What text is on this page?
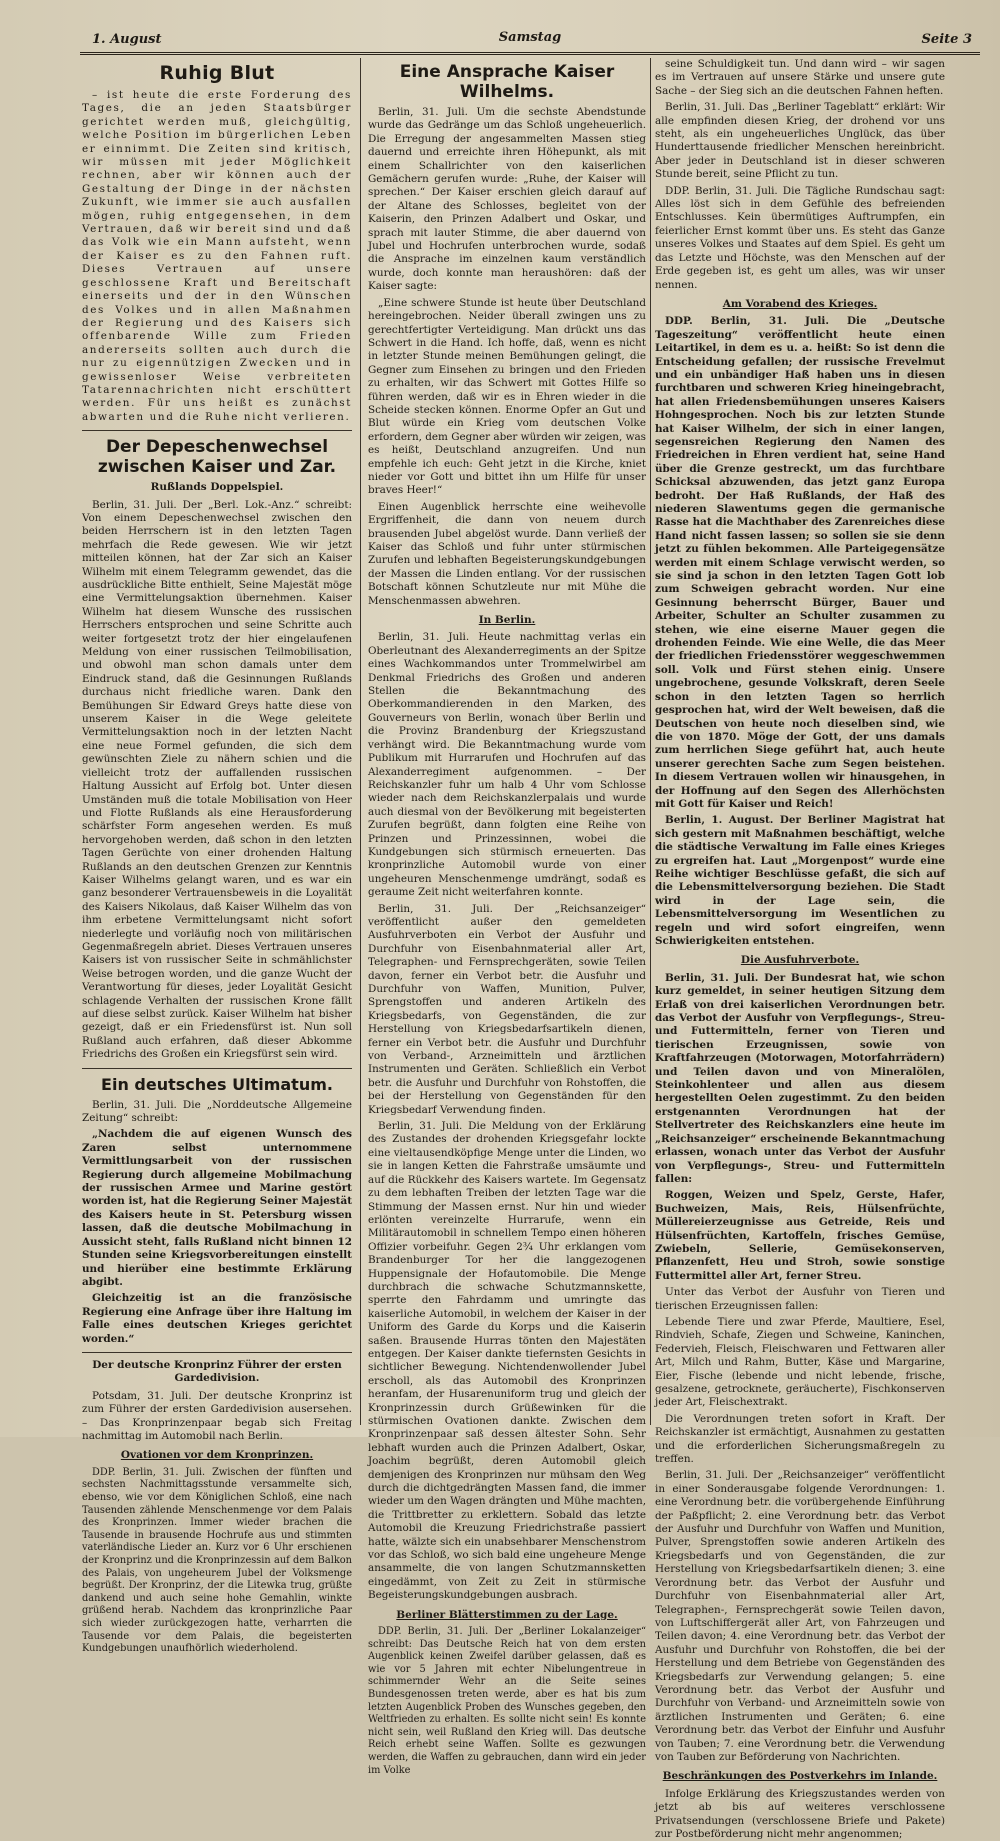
1. August	Samstag	Seite 3
Ruhig Blut

– ist heute die erste Forderung des Tages, die an jeden Staatsbürger gerichtet werden muß, gleichgültig, welche Position im bürgerlichen Leben er einnimmt. Die Zeiten sind kritisch, wir müssen mit jeder Möglichkeit rechnen, aber wir können auch der Gestaltung der Dinge in der nächsten Zukunft, wie immer sie auch ausfallen mögen, ruhig entgegensehen, in dem Vertrauen, daß wir bereit sind und daß das Volk wie ein Mann aufsteht, wenn der Kaiser es zu den Fahnen ruft. Dieses Vertrauen auf unsere geschlossene Kraft und Bereitschaft einerseits und der in den Wünschen des Volkes und in allen Maßnahmen der Regierung und des Kaisers sich offenbarende Wille zum Frieden andererseits sollten auch durch die nur zu eigennützigen Zwecken und in gewissenloser Weise verbreiteten Tatarennachrichten nicht erschüttert werden. Für uns heißt es zunächst abwarten und die Ruhe nicht verlieren.

Der Depeschenwechsel zwischen Kaiser und Zar.
Rußlands Doppelspiel.

Berlin, 31. Juli. Der „Berl. Lok.-Anz.“ schreibt: Von einem Depeschenwechsel zwischen den beiden Herrschern ist in den letzten Tagen mehrfach die Rede gewesen. Wie wir jetzt mitteilen können, hat der Zar sich an Kaiser Wilhelm mit einem Telegramm gewendet, das die ausdrückliche Bitte enthielt, Seine Majestät möge eine Vermittelungsaktion übernehmen. Kaiser Wilhelm hat diesem Wunsche des russischen Herrschers entsprochen und seine Schritte auch weiter fortgesetzt trotz der hier eingelaufenen Meldung von einer russischen Teilmobilisation, und obwohl man schon damals unter dem Eindruck stand, daß die Gesinnungen Rußlands durchaus nicht friedliche waren. Dank den Bemühungen Sir Edward Greys hatte diese von unserem Kaiser in die Wege geleitete Vermittelungsaktion noch in der letzten Nacht eine neue Formel gefunden, die sich dem gewünschten Ziele zu nähern schien und die vielleicht trotz der auffallenden russischen Haltung Aussicht auf Erfolg bot. Unter diesen Umständen muß die totale Mobilisation von Heer und Flotte Rußlands als eine Herausforderung schärfster Form angesehen werden. Es muß hervorgehoben werden, daß schon in den letzten Tagen Gerüchte von einer drohenden Haltung Rußlands an den deutschen Grenzen zur Kenntnis Kaiser Wilhelms gelangt waren, und es war ein ganz besonderer Vertrauensbeweis in die Loyalität des Kaisers Nikolaus, daß Kaiser Wilhelm das von ihm erbetene Vermittelungsamt nicht sofort niederlegte und vorläufig noch von militärischen Gegenmaßregeln abriet. Dieses Vertrauen unseres Kaisers ist von russischer Seite in schmählichster Weise betrogen worden, und die ganze Wucht der Verantwortung für dieses, jeder Loyalität Gesicht schlagende Verhalten der russischen Krone fällt auf diese selbst zurück. Kaiser Wilhelm hat bisher gezeigt, daß er ein Friedensfürst ist. Nun soll Rußland auch erfahren, daß dieser Abkomme Friedrichs des Großen ein Kriegsfürst sein wird.

Ein deutsches Ultimatum.

Berlin, 31. Juli. Die „Norddeutsche Allgemeine Zeitung“ schreibt:

„Nachdem die auf eigenen Wunsch des Zaren selbst unternommene Vermittlungsarbeit von der russischen Regierung durch allgemeine Mobilmachung der russischen Armee und Marine gestört worden ist, hat die Regierung Seiner Majestät des Kaisers heute in St. Petersburg wissen lassen, daß die deutsche Mobilmachung in Aussicht steht, falls Rußland nicht binnen 12 Stunden seine Kriegsvorbereitungen einstellt und hierüber eine bestimmte Erklärung abgibt.

Gleichzeitig ist an die französische Regierung eine Anfrage über ihre Haltung im Falle eines deutschen Krieges gerichtet worden.“

Der deutsche Kronprinz Führer der ersten Gardedivision.

Potsdam, 31. Juli. Der deutsche Kronprinz ist zum Führer der ersten Gardedivision ausersehen. – Das Kronprinzenpaar begab sich Freitag nachmittag im Automobil nach Berlin.

Ovationen vor dem Kronprinzen.

DDP. Berlin, 31. Juli. Zwischen der fünften und sechsten Nachmittagsstunde versammelte sich, ebenso, wie vor dem Königlichen Schloß, eine nach Tausenden zählende Menschenmenge vor dem Palais des Kronprinzen. Immer wieder brachen die Tausende in brausende Hochrufe aus und stimmten vaterländische Lieder an. Kurz vor 6 Uhr erschienen der Kronprinz und die Kronprinzessin auf dem Balkon des Palais, von ungeheurem Jubel der Volksmenge begrüßt. Der Kronprinz, der die Litewka trug, grüßte dankend und auch seine hohe Gemahlin, winkte grüßend herab. Nachdem das kronprinzliche Paar sich wieder zurückgezogen hatte, verharrten die Tausende vor dem Palais, die begeisterten Kundgebungen unaufhörlich wiederholend.

Eine Ansprache Kaiser Wilhelms.

Berlin, 31. Juli. Um die sechste Abendstunde wurde das Gedränge um das Schloß ungeheuerlich. Die Erregung der angesammelten Massen stieg dauernd und erreichte ihren Höhepunkt, als mit einem Schallrichter von den kaiserlichen Gemächern gerufen wurde: „Ruhe, der Kaiser will sprechen.“ Der Kaiser erschien gleich darauf auf der Altane des Schlosses, begleitet von der Kaiserin, den Prinzen Adalbert und Oskar, und sprach mit lauter Stimme, die aber dauernd von Jubel und Hochrufen unterbrochen wurde, sodaß die Ansprache im einzelnen kaum verständlich wurde, doch konnte man heraushören: daß der Kaiser sagte:

„Eine schwere Stunde ist heute über Deutschland hereingebrochen. Neider überall zwingen uns zu gerechtfertigter Verteidigung. Man drückt uns das Schwert in die Hand. Ich hoffe, daß, wenn es nicht in letzter Stunde meinen Bemühungen gelingt, die Gegner zum Einsehen zu bringen und den Frieden zu erhalten, wir das Schwert mit Gottes Hilfe so führen werden, daß wir es in Ehren wieder in die Scheide stecken können. Enorme Opfer an Gut und Blut würde ein Krieg vom deutschen Volke erfordern, dem Gegner aber würden wir zeigen, was es heißt, Deutschland anzugreifen. Und nun empfehle ich euch: Geht jetzt in die Kirche, kniet nieder vor Gott und bittet ihn um Hilfe für unser braves Heer!“

Einen Augenblick herrschte eine weihevolle Ergriffenheit, die dann von neuem durch brausenden Jubel abgelöst wurde. Dann verließ der Kaiser das Schloß und fuhr unter stürmischen Zurufen und lebhaften Begeisterungskundgebungen der Massen die Linden entlang. Vor der russischen Botschaft können Schutzleute nur mit Mühe die Menschenmassen abwehren.

In Berlin.

Berlin, 31. Juli. Heute nachmittag verlas ein Oberleutnant des Alexanderregiments an der Spitze eines Wachkommandos unter Trommelwirbel am Denkmal Friedrichs des Großen und anderen Stellen die Bekanntmachung des Oberkommandierenden in den Marken, des Gouverneurs von Berlin, wonach über Berlin und die Provinz Brandenburg der Kriegszustand verhängt wird. Die Bekanntmachung wurde vom Publikum mit Hurrarufen und Hochrufen auf das Alexanderregiment aufgenommen. – Der Reichskanzler fuhr um halb 4 Uhr vom Schlosse wieder nach dem Reichskanzlerpalais und wurde auch diesmal von der Bevölkerung mit begeisterten Zurufen begrüßt, dann folgten eine Reihe von Prinzen und Prinzessinnen, wobei die Kundgebungen sich stürmisch erneuerten. Das kronprinzliche Automobil wurde von einer ungeheuren Menschenmenge umdrängt, sodaß es geraume Zeit nicht weiterfahren konnte.

Berlin, 31. Juli. Der „Reichsanzeiger“ veröffentlicht außer den gemeldeten Ausfuhrverboten ein Verbot der Ausfuhr und Durchfuhr von Eisenbahnmaterial aller Art, Telegraphen- und Fernsprechgeräten, sowie Teilen davon, ferner ein Verbot betr. die Ausfuhr und Durchfuhr von Waffen, Munition, Pulver, Sprengstoffen und anderen Artikeln des Kriegsbedarfs, von Gegenständen, die zur Herstellung von Kriegsbedarfsartikeln dienen, ferner ein Verbot betr. die Ausfuhr und Durchfuhr von Verband-, Arzneimitteln und ärztlichen Instrumenten und Geräten. Schließlich ein Verbot betr. die Ausfuhr und Durchfuhr von Rohstoffen, die bei der Herstellung von Gegenständen für den Kriegsbedarf Verwendung finden.

Berlin, 31. Juli. Die Meldung von der Erklärung des Zustandes der drohenden Kriegsgefahr lockte eine vieltausendköpfige Menge unter die Linden, wo sie in langen Ketten die Fahrstraße umsäumte und auf die Rückkehr des Kaisers wartete. Im Gegensatz zu dem lebhaften Treiben der letzten Tage war die Stimmung der Massen ernst. Nur hin und wieder erlönten vereinzelte Hurrarufe, wenn ein Militärautomobil in schnellem Tempo einen höheren Offizier vorbeifuhr. Gegen 2¾ Uhr erklangen vom Brandenburger Tor her die langgezogenen Huppensignale der Hofautomobile. Die Menge durchbrach die schwache Schutzmannskette, sperrte den Fahrdamm und umringte das kaiserliche Automobil, in welchem der Kaiser in der Uniform des Garde du Korps und die Kaiserin saßen. Brausende Hurras tönten den Majestäten entgegen. Der Kaiser dankte tiefernsten Gesichts in sichtlicher Bewegung. Nichtendenwollender Jubel erscholl, als das Automobil des Kronprinzen heranfam, der Husarenuniform trug und gleich der Kronprinzessin durch Grüßewinken für die stürmischen Ovationen dankte. Zwischen dem Kronprinzenpaar saß dessen ältester Sohn. Sehr lebhaft wurden auch die Prinzen Adalbert, Oskar, Joachim begrüßt, deren Automobil gleich demjenigen des Kronprinzen nur mühsam den Weg durch die dichtgedrängten Massen fand, die immer wieder um den Wagen drängten und Mühe machten, die Trittbretter zu erklettern. Sobald das letzte Automobil die Kreuzung Friedrichstraße passiert hatte, wälzte sich ein unabsehbarer Menschenstrom vor das Schloß, wo sich bald eine ungeheure Menge ansammelte, die von langen Schutzmannsketten eingedämmt, von Zeit zu Zeit in stürmische Begeisterungskundgebungen ausbrach.

Berliner Blätterstimmen zu der Lage.

DDP. Berlin, 31. Juli. Der „Berliner Lokalanzeiger“ schreibt: Das Deutsche Reich hat von dem ersten Augenblick keinen Zweifel darüber gelassen, daß es wie vor 5 Jahren mit echter Nibelungentreue in schimmernder Wehr an die Seite seines Bundesgenossen treten werde, aber es hat bis zum letzten Augenblick Proben des Wunsches gegeben, den Weltfrieden zu erhalten. Es sollte nicht sein! Es konnte nicht sein, weil Rußland den Krieg will. Das deutsche Reich erhebt seine Waffen. Sollte es gezwungen werden, die Waffen zu gebrauchen, dann wird ein jeder im Volke

seine Schuldigkeit tun. Und dann wird – wir sagen es im Vertrauen auf unsere Stärke und unsere gute Sache – der Sieg sich an die deutschen Fahnen heften.

Berlin, 31. Juli. Das „Berliner Tageblatt“ erklärt: Wir alle empfinden diesen Krieg, der drohend vor uns steht, als ein ungeheuerliches Unglück, das über Hunderttausende friedlicher Menschen hereinbricht. Aber jeder in Deutschland ist in dieser schweren Stunde bereit, seine Pflicht zu tun.

DDP. Berlin, 31. Juli. Die Tägliche Rundschau sagt: Alles löst sich in dem Gefühle des befreienden Entschlusses. Kein übermütiges Auftrumpfen, ein feierlicher Ernst kommt über uns. Es steht das Ganze unseres Volkes und Staates auf dem Spiel. Es geht um das Letzte und Höchste, was den Menschen auf der Erde gegeben ist, es geht um alles, was wir unser nennen.

Am Vorabend des Krieges.

DDP. Berlin, 31. Juli. Die „Deutsche Tageszeitung“ veröffentlicht heute einen Leitartikel, in dem es u. a. heißt: So ist denn die Entscheidung gefallen; der russische Frevelmut und ein unbändiger Haß haben uns in diesen furchtbaren und schweren Krieg hineingebracht, hat allen Friedensbemühungen unseres Kaisers Hohngesprochen. Noch bis zur letzten Stunde hat Kaiser Wilhelm, der sich in einer langen, segensreichen Regierung den Namen des Friedreichen in Ehren verdient hat, seine Hand über die Grenze gestreckt, um das furchtbare Schicksal abzuwenden, das jetzt ganz Europa bedroht. Der Haß Rußlands, der Haß des niederen Slawentums gegen die germanische Rasse hat die Machthaber des Zarenreiches diese Hand nicht fassen lassen; so sollen sie sie denn jetzt zu fühlen bekommen. Alle Parteigegensätze werden mit einem Schlage verwischt werden, so sie sind ja schon in den letzten Tagen Gott lob zum Schweigen gebracht worden. Nur eine Gesinnung beherrscht Bürger, Bauer und Arbeiter, Schulter an Schulter zusammen zu stehen, wie eine eiserne Mauer gegen die drohenden Feinde. Wie eine Welle, die das Meer der friedlichen Friedensstörer weggeschwemmen soll. Volk und Fürst stehen einig. Unsere ungebrochene, gesunde Volkskraft, deren Seele schon in den letzten Tagen so herrlich gesprochen hat, wird der Welt beweisen, daß die Deutschen von heute noch dieselben sind, wie die von 1870. Möge der Gott, der uns damals zum herrlichen Siege geführt hat, auch heute unserer gerechten Sache zum Segen beistehen. In diesem Vertrauen wollen wir hinausgehen, in der Hoffnung auf den Segen des Allerhöchsten mit Gott für Kaiser und Reich!

Berlin, 1. August. Der Berliner Magistrat hat sich gestern mit Maßnahmen beschäftigt, welche die städtische Verwaltung im Falle eines Krieges zu ergreifen hat. Laut „Morgenpost“ wurde eine Reihe wichtiger Beschlüsse gefaßt, die sich auf die Lebensmittelversorgung beziehen. Die Stadt wird in der Lage sein, die Lebensmittelversorgung im Wesentlichen zu regeln und wird sofort eingreifen, wenn Schwierigkeiten entstehen.

Die Ausfuhrverbote.

Berlin, 31. Juli. Der Bundesrat hat, wie schon kurz gemeldet, in seiner heutigen Sitzung dem Erlaß von drei kaiserlichen Verordnungen betr. das Verbot der Ausfuhr von Verpflegungs-, Streu- und Futtermitteln, ferner von Tieren und tierischen Erzeugnissen, sowie von Kraftfahrzeugen (Motorwagen, Motorfahrrädern) und Teilen davon und von Mineralölen, Steinkohlenteer und allen aus diesem hergestellten Oelen zugestimmt. Zu den beiden erstgenannten Verordnungen hat der Stellvertreter des Reichskanzlers eine heute im „Reichsanzeiger“ erscheinende Bekanntmachung erlassen, wonach unter das Verbot der Ausfuhr von Verpflegungs-, Streu- und Futtermitteln fallen:

Roggen, Weizen und Spelz, Gerste, Hafer, Buchweizen, Mais, Reis, Hülsenfrüchte, Müllereierzeugnisse aus Getreide, Reis und Hülsenfrüchten, Kartoffeln, frisches Gemüse, Zwiebeln, Sellerie, Gemüsekonserven, Pflanzenfett, Heu und Stroh, sowie sonstige Futtermittel aller Art, ferner Streu.

Unter das Verbot der Ausfuhr von Tieren und tierischen Erzeugnissen fallen:

Lebende Tiere und zwar Pferde, Maultiere, Esel, Rindvieh, Schafe, Ziegen und Schweine, Kaninchen, Federvieh, Fleisch, Fleischwaren und Fettwaren aller Art, Milch und Rahm, Butter, Käse und Margarine, Eier, Fische (lebende und nicht lebende, frische, gesalzene, getrocknete, geräucherte), Fischkonserven jeder Art, Fleischextrakt.

Die Verordnungen treten sofort in Kraft. Der Reichskanzler ist ermächtigt, Ausnahmen zu gestatten und die erforderlichen Sicherungsmaßregeln zu treffen.

Berlin, 31. Juli. Der „Reichsanzeiger“ veröffentlicht in einer Sonderausgabe folgende Verordnungen: 1. eine Verordnung betr. die vorübergehende Einführung der Paßpflicht; 2. eine Verordnung betr. das Verbot der Ausfuhr und Durchfuhr von Waffen und Munition, Pulver, Sprengstoffen sowie anderen Artikeln des Kriegsbedarfs und von Gegenständen, die zur Herstellung von Kriegsbedarfsartikeln dienen; 3. eine Verordnung betr. das Verbot der Ausfuhr und Durchfuhr von Eisenbahnmaterial aller Art, Telegraphen-, Fernsprechgerät sowie Teilen davon, von Luftschiffergerät aller Art, von Fahrzeugen und Teilen davon; 4. eine Verordnung betr. das Verbot der Ausfuhr und Durchfuhr von Rohstoffen, die bei der Herstellung und dem Betriebe von Gegenständen des Kriegsbedarfs zur Verwendung gelangen; 5. eine Verordnung betr. das Verbot der Ausfuhr und Durchfuhr von Verband- und Arzneimitteln sowie von ärztlichen Instrumenten und Geräten; 6. eine Verordnung betr. das Verbot der Einfuhr und Ausfuhr von Tauben; 7. eine Verordnung betr. die Verwendung von Tauben zur Beförderung von Nachrichten.

Beschränkungen des Postverkehrs im Inlande.

Infolge Erklärung des Kriegszustandes werden von jetzt ab bis auf weiteres verschlossene Privatsendungen (verschlossene Briefe und Pakete) zur Postbeförderung nicht mehr angenommen;
